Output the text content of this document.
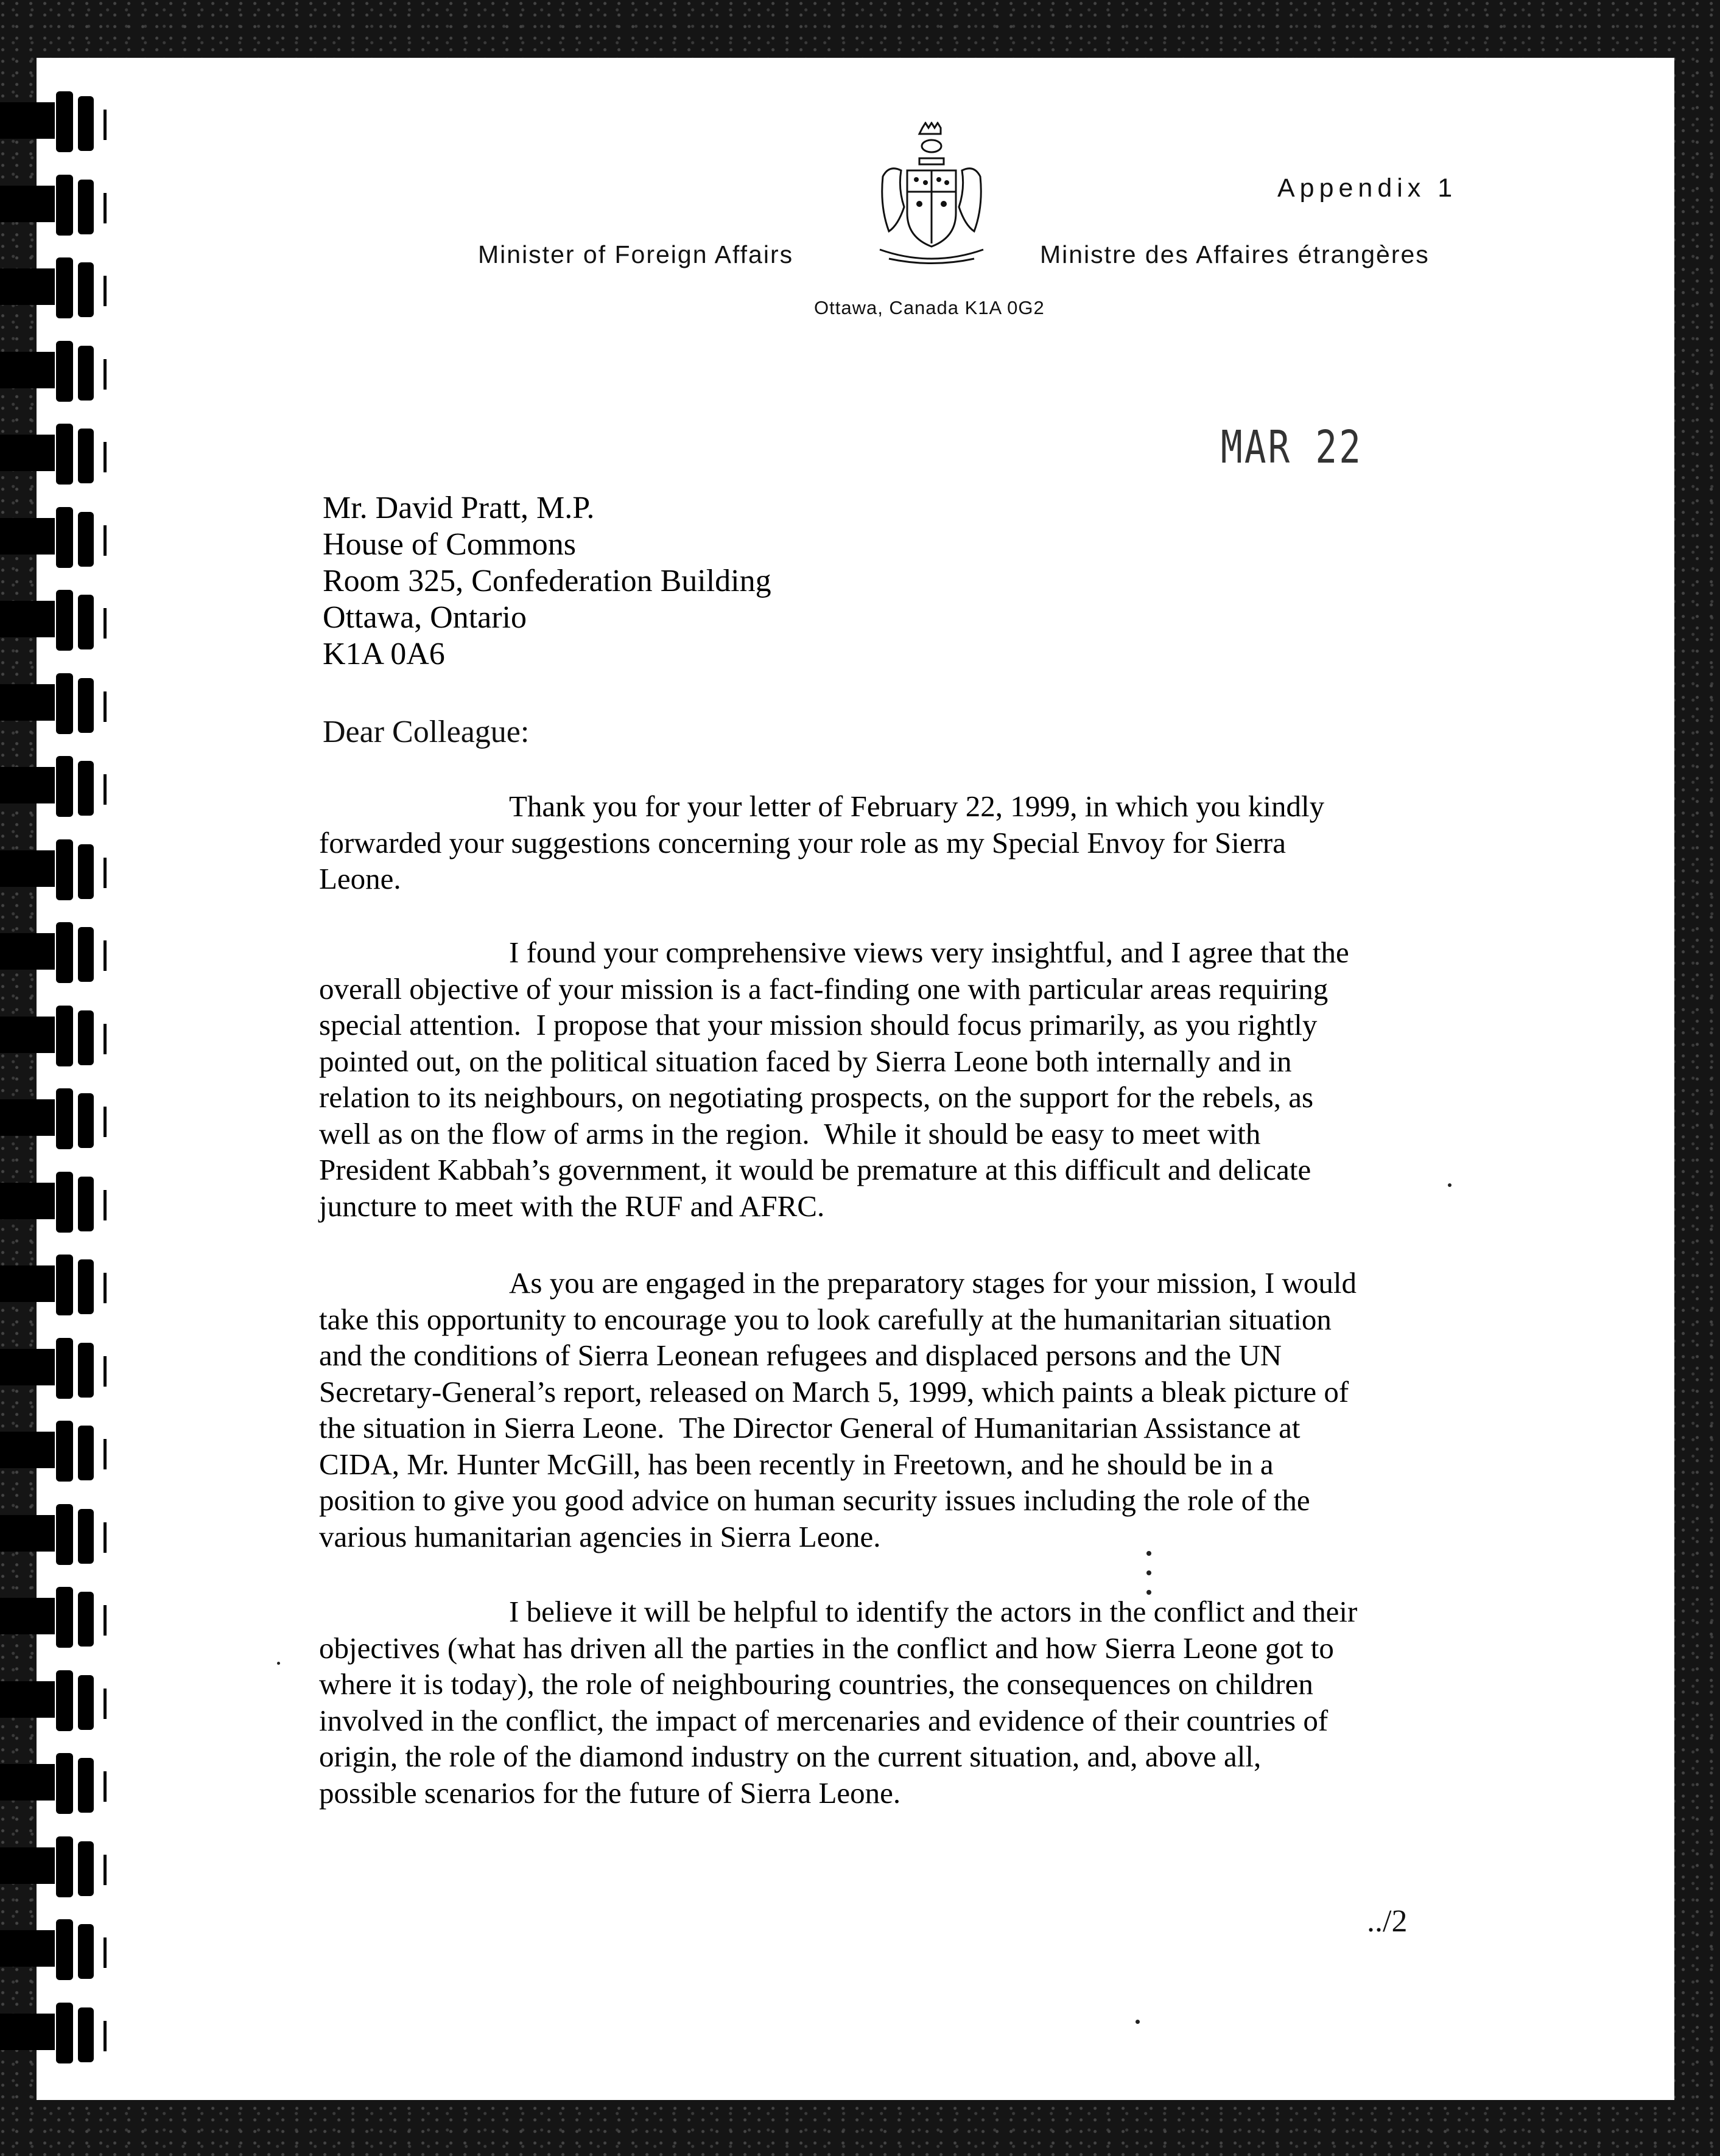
Appendix 1
Minister of Foreign Affairs	Ministre des Affaires étrangères
Ottawa, Canada K1A 0G2
MAR 22
Mr. David Pratt, M.P.
House of Commons
Room 325, Confederation Building
Ottawa, Ontario
K1A 0A6
Dear Colleague:
Thank you for your letter of February 22, 1999, in which you kindly
forwarded your suggestions concerning your role as my Special Envoy for Sierra
Leone.
I found your comprehensive views very insightful, and I agree that the
overall objective of your mission is a fact-finding one with particular areas requiring
special attention.  I propose that your mission should focus primarily, as you rightly
pointed out, on the political situation faced by Sierra Leone both internally and in
relation to its neighbours, on negotiating prospects, on the support for the rebels, as
well as on the flow of arms in the region.  While it should be easy to meet with
President Kabbah’s government, it would be premature at this difficult and delicate
juncture to meet with the RUF and AFRC.
As you are engaged in the preparatory stages for your mission, I would
take this opportunity to encourage you to look carefully at the humanitarian situation
and the conditions of Sierra Leonean refugees and displaced persons and the UN
Secretary-General’s report, released on March 5, 1999, which paints a bleak picture of
the situation in Sierra Leone.  The Director General of Humanitarian Assistance at
CIDA, Mr. Hunter McGill, has been recently in Freetown, and he should be in a
position to give you good advice on human security issues including the role of the
various humanitarian agencies in Sierra Leone.
I believe it will be helpful to identify the actors in the conflict and their
objectives (what has driven all the parties in the conflict and how Sierra Leone got to
where it is today), the role of neighbouring countries, the consequences on children
involved in the conflict, the impact of mercenaries and evidence of their countries of
origin, the role of the diamond industry on the current situation, and, above all,
possible scenarios for the future of Sierra Leone.
../2
